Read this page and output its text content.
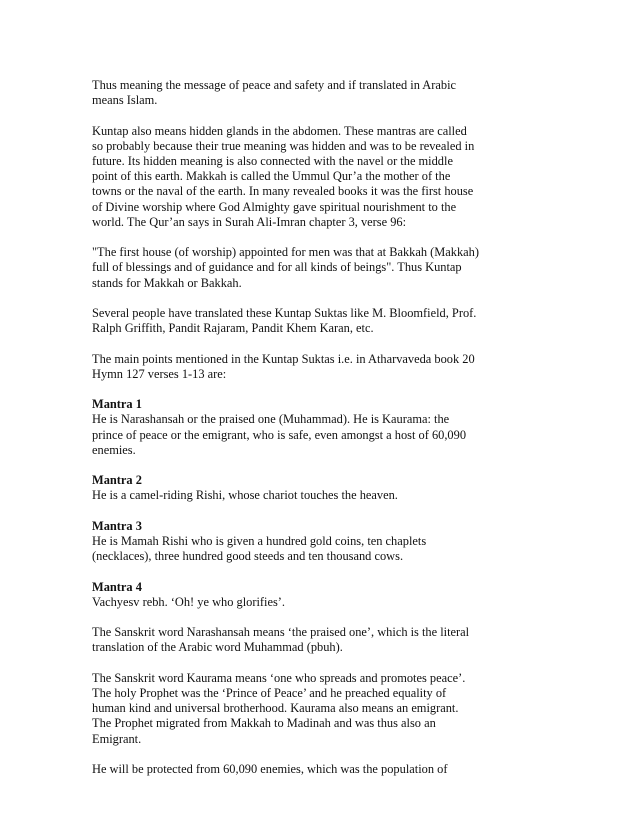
Thus meaning the message of peace and safety and if translated in Arabic
means Islam.
Kuntap also means hidden glands in the abdomen. These mantras are called
so probably because their true meaning was hidden and was to be revealed in
future. Its hidden meaning is also connected with the navel or the middle
point of this earth. Makkah is called the Ummul Qur’a the mother of the
towns or the naval of the earth. In many revealed books it was the first house
of Divine worship where God Almighty gave spiritual nourishment to the
world. The Qur’an says in Surah Ali-Imran chapter 3, verse 96:
"The first house (of worship) appointed for men was that at Bakkah (Makkah)
full of blessings and of guidance and for all kinds of beings". Thus Kuntap
stands for Makkah or Bakkah.
Several people have translated these Kuntap Suktas like M. Bloomfield, Prof.
Ralph Griffith, Pandit Rajaram, Pandit Khem Karan, etc.
The main points mentioned in the Kuntap Suktas i.e. in Atharvaveda book 20
Hymn 127 verses 1-13 are:
Mantra 1
He is Narashansah or the praised one (Muhammad). He is Kaurama: the
prince of peace or the emigrant, who is safe, even amongst a host of 60,090
enemies.
Mantra 2
He is a camel-riding Rishi, whose chariot touches the heaven.
Mantra 3
He is Mamah Rishi who is given a hundred gold coins, ten chaplets
(necklaces), three hundred good steeds and ten thousand cows.
Mantra 4
Vachyesv rebh. ‘Oh! ye who glorifies’.
The Sanskrit word Narashansah means ‘the praised one’, which is the literal
translation of the Arabic word Muhammad (pbuh).
The Sanskrit word Kaurama means ‘one who spreads and promotes peace’.
The holy Prophet was the ‘Prince of Peace’ and he preached equality of
human kind and universal brotherhood. Kaurama also means an emigrant.
The Prophet migrated from Makkah to Madinah and was thus also an
Emigrant.
He will be protected from 60,090 enemies, which was the population of
